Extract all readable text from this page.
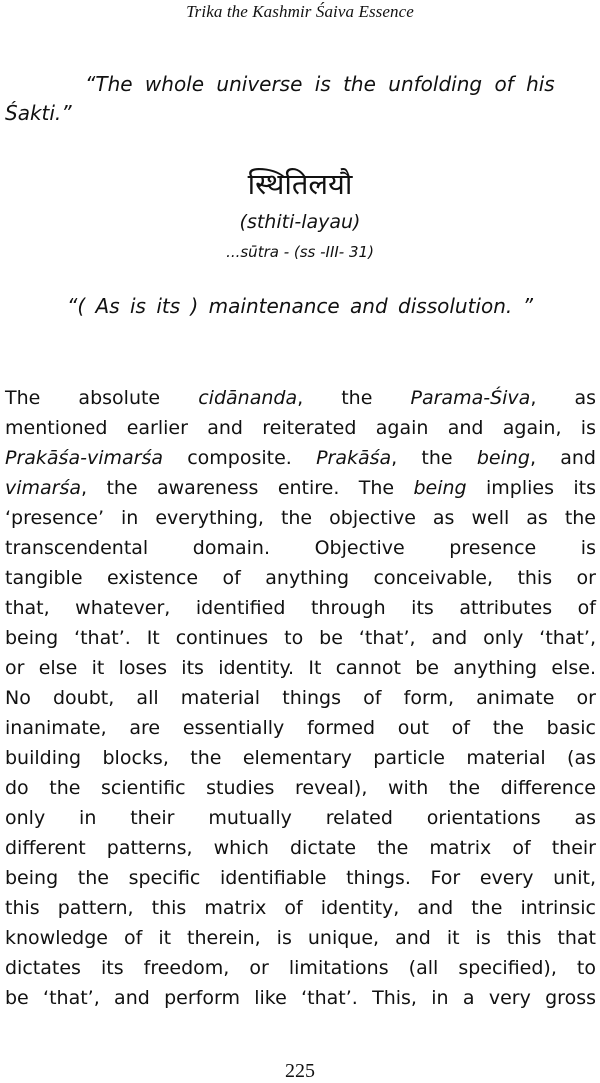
Trika the Kashmir Śaiva Essence
“The whole universe is the unfolding of his
Śakti.”
स्थितिलयौ
(sthiti-layau)
...sūtra - (ss -III- 31)
“( As is its ) maintenance and dissolution. ”
The absolute cidānanda, the Parama-Śiva, as
mentioned earlier and reiterated again and again, is
Prakāśa-vimarśa composite. Prakāśa, the being, and
vimarśa, the awareness entire. The being implies its
‘presence’ in everything, the objective as well as the
transcendental domain. Objective presence is
tangible existence of anything conceivable, this or
that, whatever, identified through its attributes of
being ‘that’. It continues to be ‘that’, and only ‘that’,
or else it loses its identity. It cannot be anything else.
No doubt, all material things of form, animate or
inanimate, are essentially formed out of the basic
building blocks, the elementary particle material (as
do the scientific studies reveal), with the difference
only in their mutually related orientations as
different patterns, which dictate the matrix of their
being the specific identifiable things. For every unit,
this pattern, this matrix of identity, and the intrinsic
knowledge of it therein, is unique, and it is this that
dictates its freedom, or limitations (all specified), to
be ‘that’, and perform like ‘that’. This, in a very gross
225
